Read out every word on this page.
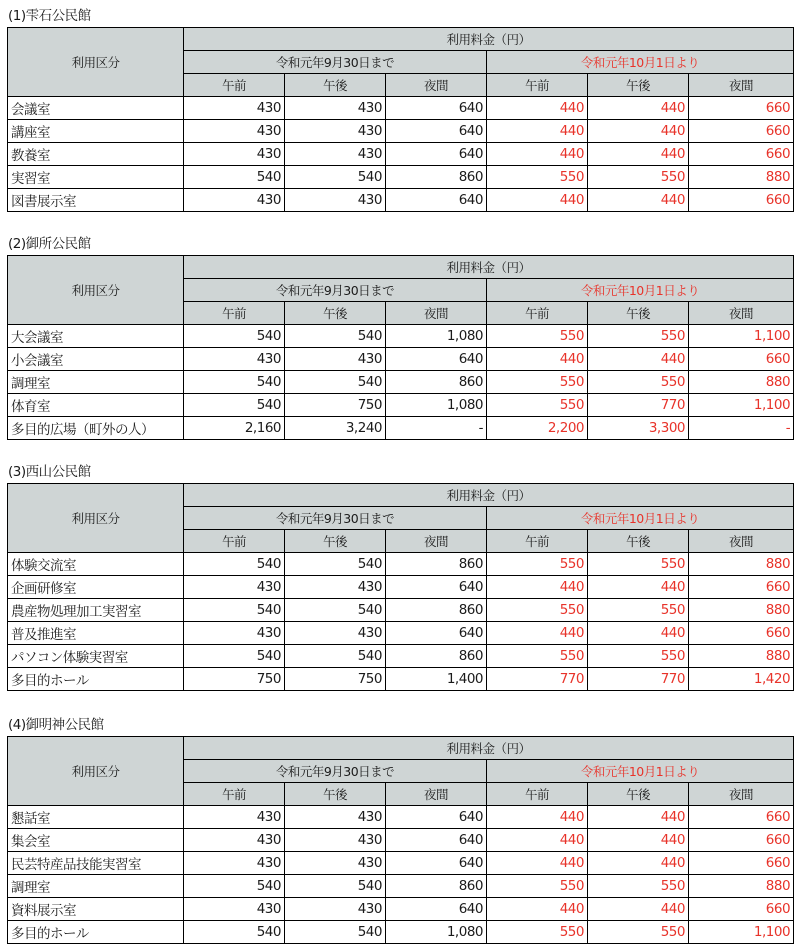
(1)雫石公民館
利用区分	利用料金（円）					
	令和元年9月30日まで			令和元年10月1日より		
	午前	午後	夜間	午前	午後	夜間
会議室	430	430	640	440	440	660
講座室	430	430	640	440	440	660
教養室	430	430	640	440	440	660
実習室	540	540	860	550	550	880
図書展示室	430	430	640	440	440	660
(2)御所公民館
利用区分	利用料金（円）					
	令和元年9月30日まで			令和元年10月1日より		
	午前	午後	夜間	午前	午後	夜間
大会議室	540	540	1,080	550	550	1,100
小会議室	430	430	640	440	440	660
調理室	540	540	860	550	550	880
体育室	540	750	1,080	550	770	1,100
多目的広場（町外の人）	2,160	3,240	-	2,200	3,300	-
(3)西山公民館
利用区分	利用料金（円）					
	令和元年9月30日まで			令和元年10月1日より		
	午前	午後	夜間	午前	午後	夜間
体験交流室	540	540	860	550	550	880
企画研修室	430	430	640	440	440	660
農産物処理加工実習室	540	540	860	550	550	880
普及推進室	430	430	640	440	440	660
パソコン体験実習室	540	540	860	550	550	880
多目的ホール	750	750	1,400	770	770	1,420
(4)御明神公民館
利用区分	利用料金（円）					
	令和元年9月30日まで			令和元年10月1日より		
	午前	午後	夜間	午前	午後	夜間
懇話室	430	430	640	440	440	660
集会室	430	430	640	440	440	660
民芸特産品技能実習室	430	430	640	440	440	660
調理室	540	540	860	550	550	880
資料展示室	430	430	640	440	440	660
多目的ホール	540	540	1,080	550	550	1,100
